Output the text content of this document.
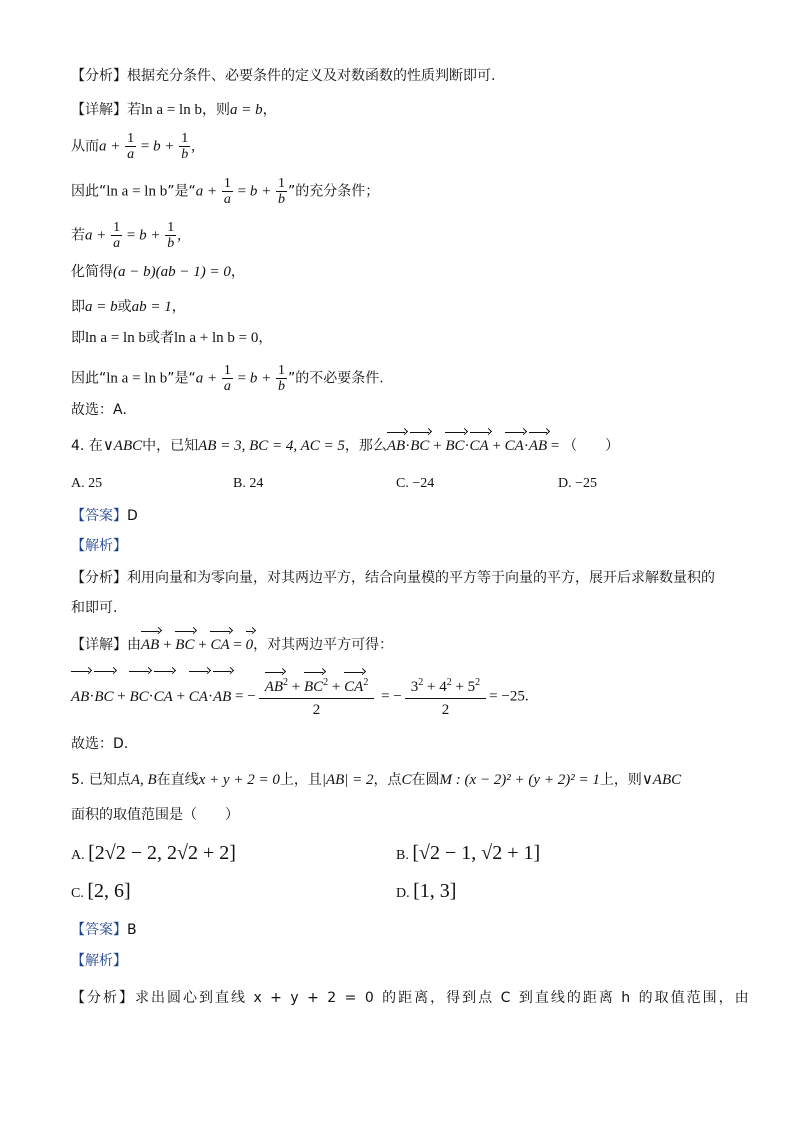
【分析】根据充分条件、必要条件的定义及对数函数的性质判断即可.
【详解】若ln a = ln b，则a = b，
从而$a + \frac{1}{a} = b + \frac{1}{b}$ ,
因此“ln a = ln b”是“$a + \frac{1}{a} = b + \frac{1}{b}$ ”的充分条件；
若$a + \frac{1}{a} = b + \frac{1}{b}$ ,
化简得(a − b)(ab − 1) = 0，
即a = b或ab = 1，
即ln a = ln b或者ln a + ln b = 0，
因此“ln a = ln b”是“$a + \frac{1}{a} = b + \frac{1}{b}$ ”的不必要条件.
故选：A.
4. 在∨ABC中，已知AB = 3, BC = 4, AC = 5，那么AB·BC + BC·CA + CA·AB = （　　）
A. 25	B. 24	C. −24	D. −25
【答案】D
【解析】
【分析】利用向量和为零向量，对其两边平方，结合向量模的平方等于向量的平方，展开后求解数量积的
和即可.
【详解】由AB + BC + CA = 0，对其两边平方可得：
AB·BC + BC·CA + CA·AB = − $\frac{AB^2 + BC^2 + CA^2}{2}$ = − $\frac{3^2 + 4^2 + 5^2}{2} = -25$.
故选：D.
5. 已知点A, B在直线x + y + 2 = 0上，且|AB| = 2，点C在圆M : (x − 2)² + (y + 2)² = 1上，则∨ABC
面积的取值范围是（　　）
A. [2√2 − 2, 2√2 + 2]	B. [√2 − 1, √2 + 1]
C. [2, 6]	D. [1, 3]
【答案】B
【解析】
【分析】求出圆心到直线 x + y + 2 = 0 的距离，得到点 C 到直线的距离 h 的取值范围，由
